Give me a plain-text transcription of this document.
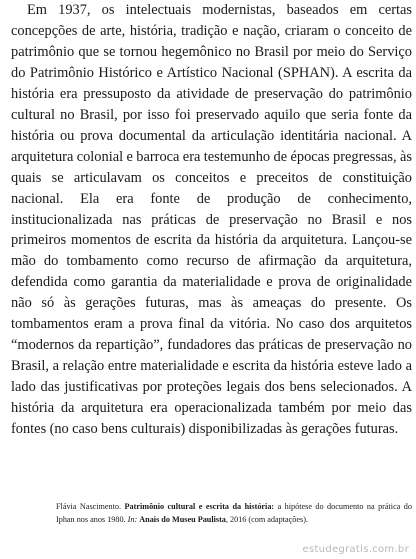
Em 1937, os intelectuais modernistas, baseados em certas concepções de arte, história, tradição e nação, criaram o conceito de patrimônio que se tornou hegemônico no Brasil por meio do Serviço do Patrimônio Histórico e Artístico Nacional (SPHAN). A escrita da história era pressuposto da atividade de preservação do patrimônio cultural no Brasil, por isso foi preservado aquilo que seria fonte da história ou prova documental da articulação identitária nacional. A arquitetura colonial e barroca era testemunho de épocas pregressas, às quais se articulavam os conceitos e preceitos de constituição nacional. Ela era fonte de produção de conhecimento, institucionalizada nas práticas de preservação no Brasil e nos primeiros momentos de escrita da história da arquitetura. Lançou-se mão do tombamento como recurso de afirmação da arquitetura, defendida como garantia da materialidade e prova de originalidade não só às gerações futuras, mas às ameaças do presente. Os tombamentos eram a prova final da vitória. No caso dos arquitetos “modernos da repartição”, fundadores das práticas de preservação no Brasil, a relação entre materialidade e escrita da história esteve lado a lado das justificativas por proteções legais dos bens selecionados. A história da arquitetura era operacionalizada também por meio das fontes (no caso bens culturais) disponibilizadas às gerações futuras.

Flávia Nascimento. Patrimônio cultural e escrita da história: a hipótese do documento na prática do Iphan nos anos 1980. In: Anais do Museu Paulista, 2016 (com adaptações).
estudegratis.com.br
